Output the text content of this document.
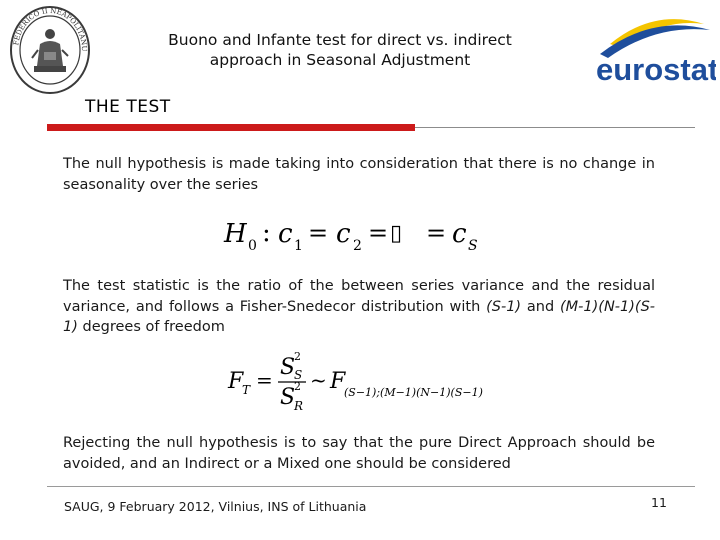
FEDERICO II NEAPOLITANU	Buono and Infante test for direct vs. indirect
approach in Seasonal Adjustment	eurostat
THE TEST
The null hypothesis is made taking into consideration that there is no change in seasonality over the series
H 0 : c 1 = c 2 = ▯ = c S
The test statistic is the ratio of the between series variance and the residual variance, and follows a Fisher-Snedecor distribution with (S-1) and (M-1)(N-1)(S-1) degrees of freedom
F
T = S
2
S
S
2
R
~ F
(S−1);(M−1)(N−1)(S−1)
Rejecting the null hypothesis is to say that the pure Direct Approach should be avoided, and an Indirect or a Mixed one should be considered
SAUG, 9 February 2012, Vilnius, INS of Lithuania	11
